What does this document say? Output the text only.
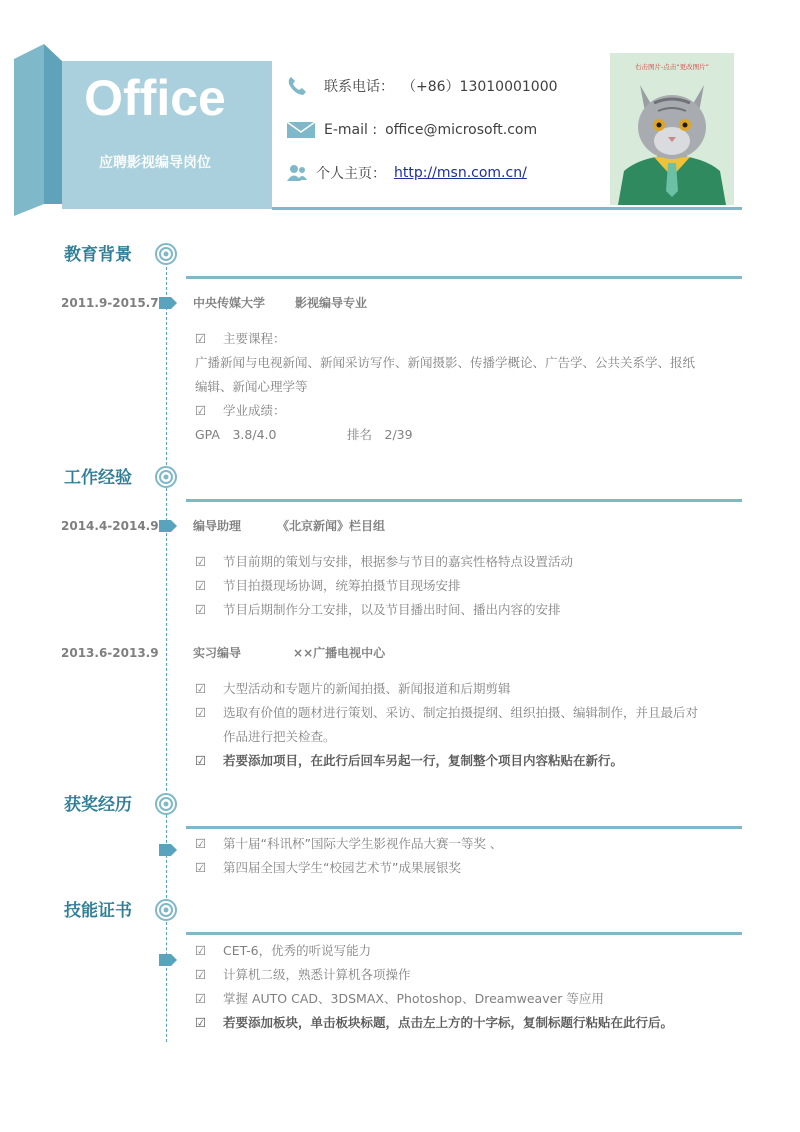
Office
应聘影视编导岗位
联系电话： （+86）13010001000
E-mail : office@microsoft.com
个人主页： http://msn.com.cn/
右击图片-点击“更改图片”
教育背景
2011.9-2015.7	中央传媒大学	影视编导专业
☑	主要课程：
广播新闻与电视新闻、新闻采访写作、新闻摄影、传播学概论、广告学、公共关系学、报纸
编辑、新闻心理学等
☑	学业成绩：
GPA　3.8/4.0	排名　2/39
工作经验
2014.4-2014.9	编导助理	《北京新闻》栏目组
☑	节目前期的策划与安排，根据参与节目的嘉宾性格特点设置活动
☑	节目拍摄现场协调，统筹拍摄节目现场安排
☑	节目后期制作分工安排，以及节目播出时间、播出内容的安排
2013.6-2013.9	实习编导	××广播电视中心
☑	大型活动和专题片的新闻拍摄、新闻报道和后期剪辑
☑	选取有价值的题材进行策划、采访、制定拍摄提纲、组织拍摄、编辑制作，并且最后对
作品进行把关检查。
☑	若要添加项目，在此行后回车另起一行，复制整个项目内容粘贴在新行。
获奖经历
☑	第十届“科讯杯”国际大学生影视作品大赛一等奖 、
☑	第四届全国大学生“校园艺术节”成果展银奖
技能证书
☑	CET-6，优秀的听说写能力
☑	计算机二级，熟悉计算机各项操作
☑	掌握 AUTO CAD、3DSMAX、Photoshop、Dreamweaver 等应用
☑	若要添加板块，单击板块标题，点击左上方的十字标，复制标题行粘贴在此行后。
